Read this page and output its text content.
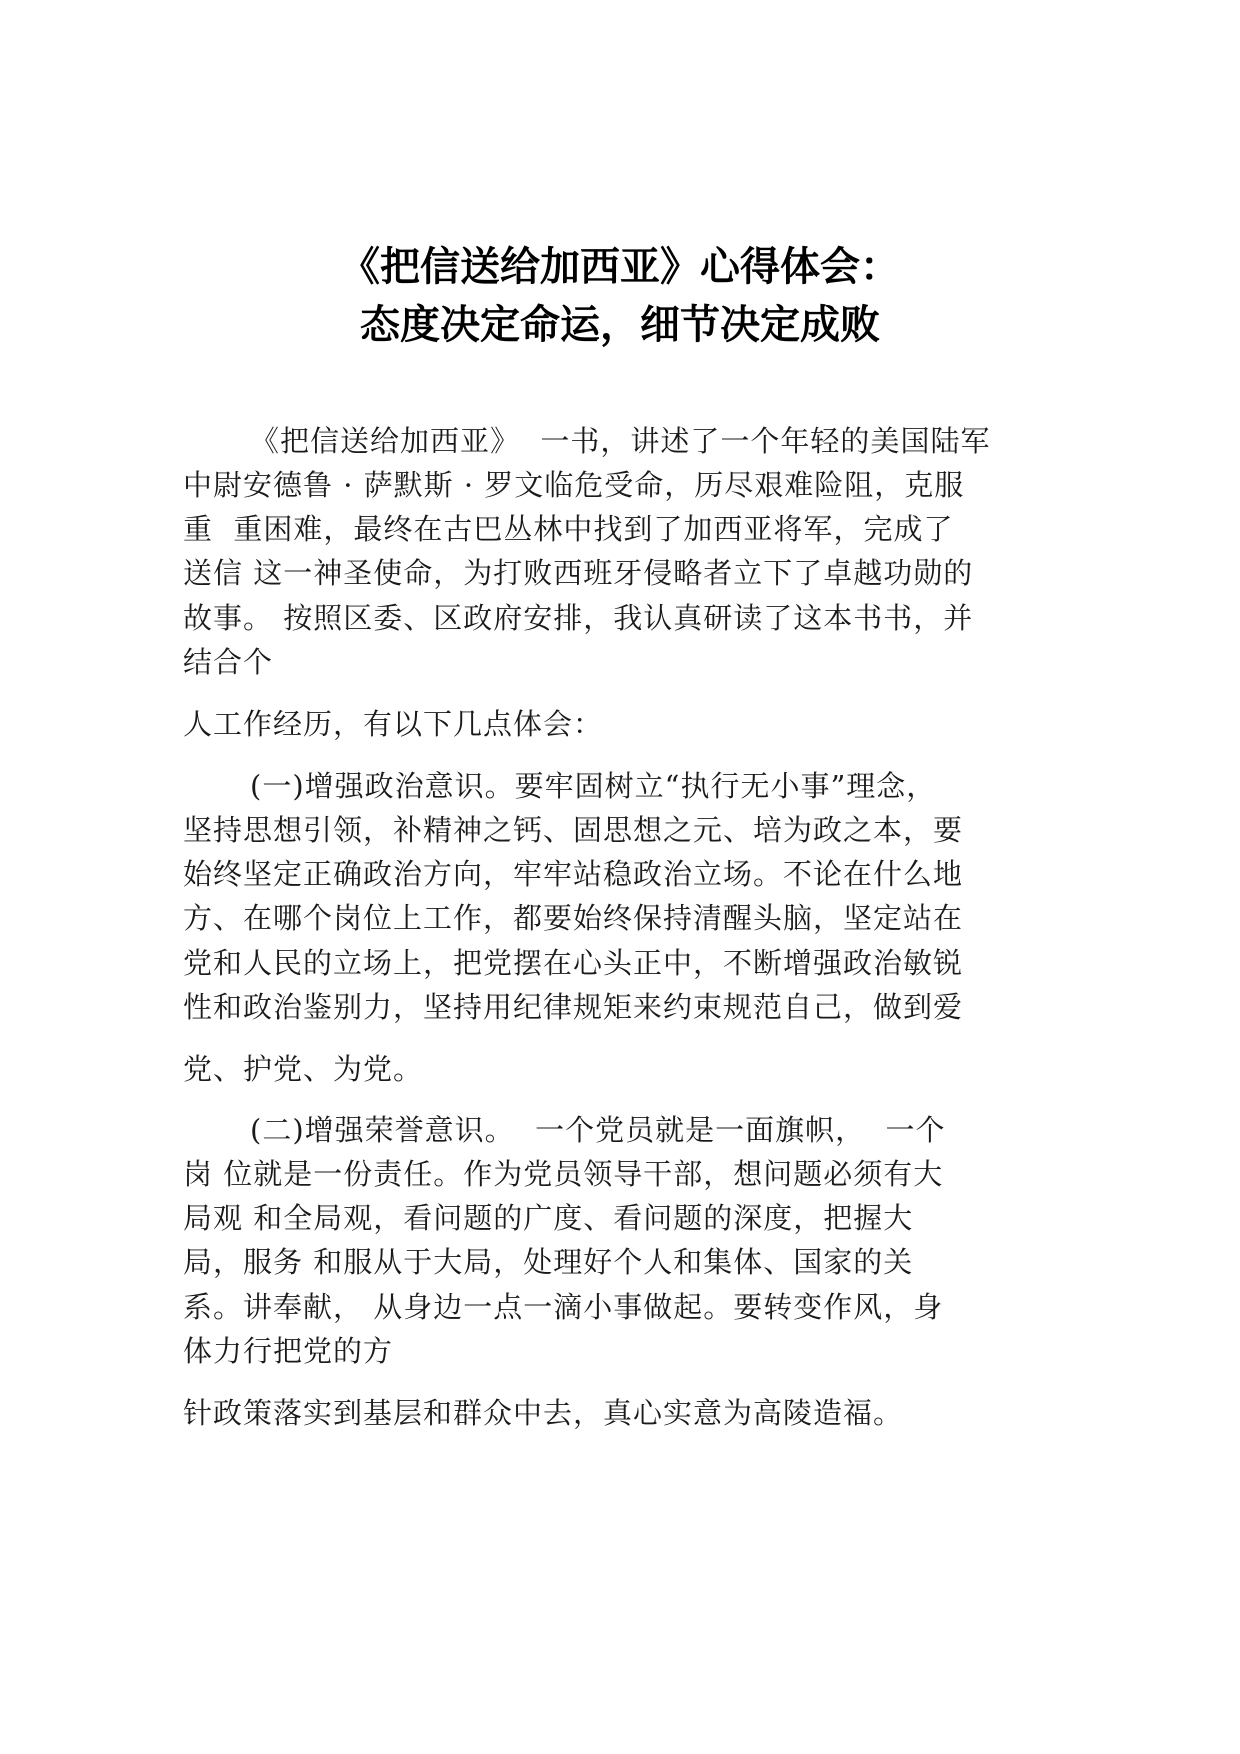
《把信送给加西亚》心得体会：
态度决定命运，细节决定成败
《把信送给加西亚》  一书，讲述了一个年轻的美国陆军
中尉安德鲁 · 萨默斯 · 罗文临危受命，历尽艰难险阻，克服
重  重困难，最终在古巴丛林中找到了加西亚将军，完成了
送信 这一神圣使命，为打败西班牙侵略者立下了卓越功勋的
故事。 按照区委、区政府安排，我认真研读了这本书书，并
结合个
人工作经历，有以下几点体会：
(一)增强政治意识。要牢固树立“执行无小事”理念，
坚持思想引领，补精神之钙、固思想之元、培为政之本，要
始终坚定正确政治方向，牢牢站稳政治立场。不论在什么地
方、在哪个岗位上工作，都要始终保持清醒头脑，坚定站在
党和人民的立场上，把党摆在心头正中，不断增强政治敏锐
性和政治鉴别力，坚持用纪律规矩来约束规范自己，做到爱
党、护党、为党。
(二)增强荣誉意识。  一个党员就是一面旗帜，  一个
岗 位就是一份责任。作为党员领导干部，想问题必须有大
局观 和全局观，看问题的广度、看问题的深度，把握大
局，服务 和服从于大局，处理好个人和集体、国家的关
系。讲奉献， 从身边一点一滴小事做起。要转变作风，身
体力行把党的方
针政策落实到基层和群众中去，真心实意为高陵造福。
